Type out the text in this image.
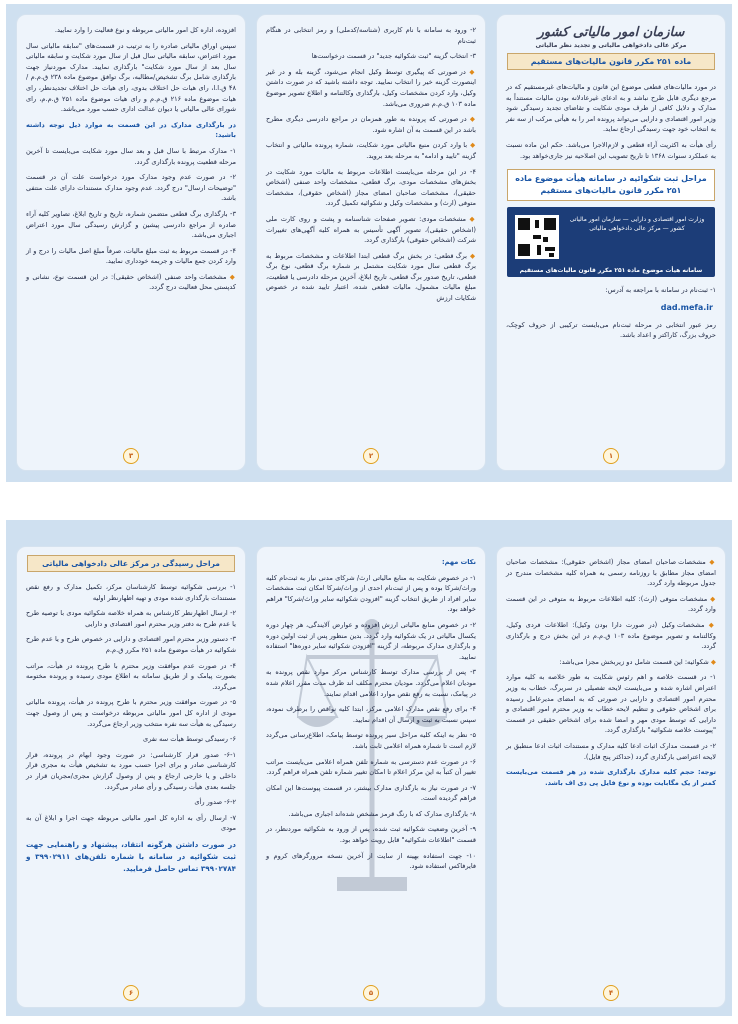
سازمان امور مالیاتی کشور
مرکز عالی دادخواهی مالیاتی و تجدید نظر مالیاتی
ماده ۲۵۱ مکرر قانون مالیات‌های مستقیم

در مورد مالیات‌های قطعی موضوع این قانون و مالیات‌های غیرمستقیم که در مرجع دیگری قابل طرح نباشد و به ادعای غیرعادلانه بودن مالیات مستنداً به مدارک و دلایل کافی از طرف مودی شکایت و تقاضای تجدید رسیدگی شود وزیر امور اقتصادی و دارایی می‌تواند پرونده امر را به هیأتی مرکب از سه نفر به انتخاب خود جهت رسیدگی ارجاع نماید.

رأی هیأت به اکثریت آراء قطعی و لازم‌الاجرا می‌باشد. حکم این ماده نسبت به عملکرد سنوات ۱۳۶۸ تا تاریخ تصویب این اصلاحیه نیز جاری‌خواهد بود.

مراحل ثبت شکوائیه در سامانه هیأت موضوع ماده ۲۵۱ مکرر قانون مالیات‌های مستقیم
وزارت امور اقتصادی و دارایی — سازمان امور مالیاتی کشور — مرکز عالی دادخواهی مالیاتی
سامانه هیأت موضوع ماده ۲۵۱ مکرر قانون مالیات‌های مستقیم

۱- ثبت‌نام در سامانه با مراجعه به آدرس:

dad.mefa.ir

رمز عبور انتخابی در مرحله ثبت‌نام می‌بایست ترکیبی از حروف کوچک، حروف بزرگ، کاراکتر و اعداد باشد.

۱

۲- ورود به سامانه با نام کاربری (شناسه/کدملی) و رمز انتخابی در هنگام ثبت‌نام

۳- انتخاب گزینه "ثبت شکوائیه جدید" در قسمت درخواست‌ها

◆ در صورتی که پیگیری توسط وکیل انجام می‌شود، گزینه بله و در غیر اینصورت گزینه خیر را انتخاب نمایید. توجه داشته باشید که در صورت داشتن وکیل، وارد کردن مشخصات وکیل، بارگذاری وکالتنامه و اطلاع تصویر موضوع ماده ۱۰۳ ق.م.م ضروری می‌باشد.

◆ در صورتی که پرونده به طور همزمان در مراجع دادرسی دیگری مطرح باشد در این قسمت به آن اشاره شود.

◆ با وارد کردن منبع مالیاتی مورد شکایت، شماره پرونده مالیاتی و انتخاب گزینه "تایید و ادامه" به مرحله بعد بروید.

۴- در این مرحله می‌بایست اطلاعات مربوط به مالیات مورد شکایت در بخش‌های مشخصات مودی، برگ قطعی، مشخصات واحد صنفی (اشخاص حقیقی)، مشخصات صاحبان امضای مجاز (اشخاص حقوقی)، مشخصات متوفی (ارث) و مشخصات وکیل و شکوائیه تکمیل گردد.

◆ مشخصات مودی: تصویر صفحات شناسنامه و پشت و روی کارت ملی (اشخاص حقیقی)، تصویر آگهی تأسیس به همراه کلیه آگهی‌های تغییرات شرکت (اشخاص حقوقی) بارگذاری گردد.

◆ برگ قطعی: در بخش برگ قطعی ابتدا اطلاعات و مشخصات مربوط به برگ قطعی سال مورد شکایت مشتمل بر شماره برگ قطعی، نوع برگ قطعی، تاریخ صدور برگ قطعی، تاریخ ابلاغ، آخرین مرحله دادرسی یا قطعیت، مبلغ مالیات مشمول، مالیات قطعی شده، اعتبار تایید شده در خصوص شکایات ارزش

۲

افزوده، اداره کل امور مالیاتی مربوطه و نوع فعالیت را وارد نمایید.

سپس اوراق مالیاتی صادره را به ترتیب در قسمت‌های "سابقه مالیاتی سال مورد اعتراض، سابقه مالیاتی سال قبل از سال مورد شکایت و سابقه مالیاتی سال بعد از سال مورد شکایت" بارگذاری نمایید. مدارک موردنیاز جهت بارگذاری شامل برگ تشخیص/مطالبه، برگ توافق موضوع ماده ۲۳۸ ق.م.م / ۴۸ ق.ا.ا، رای هیات حل اختلاف بدوی، رای هیات حل اختلاف تجدیدنظر، رای هیات موضوع ماده ۲۱۶ ق.م.م و رای هیات موضوع ماده ۲۵۱ ق.م.م، رای شورای عالی مالیاتی یا دیوان عدالت اداری حسب مورد می‌باشد.

در بارگذاری مدارک در این قسمت به موارد ذیل توجه داشته باشید:

۱- مدارک مرتبط با سال قبل و بعد سال مورد شکایت می‌بایست تا آخرین مرحله قطعیت پرونده بارگذاری گردد.

۲- در صورت عدم وجود مدارک مورد درخواست علت آن در قسمت "توضیحات ارسال" درج گردد. عدم وجود مدارک مستندات دارای علت منتفی باشد.

۳- بارگذاری برگ قطعی متضمن شماره، تاریخ و تاریخ ابلاغ، تصاویر کلیه آراء صادره از مراجع دادرسی پیشین و گزارش رسیدگی سال مورد اعتراض اجباری می‌باشد.

۴- در قسمت مربوط به ثبت مبلغ مالیات، صرفاً مبلغ اصل مالیات را درج و از وارد کردن جمع مالیات و جریمه خودداری نمایید.

◆ مشخصات واحد صنفی (اشخاص حقیقی): در این قسمت نوع، نشانی و کدپستی محل فعالیت درج گردد.

۳

◆ مشخصات صاحبان امضای مجاز (اشخاص حقوقی): مشخصات صاحبان امضای مجاز مطابق با روزنامه رسمی به همراه کلیه مشخصات مندرج در جدول مربوطه وارد گردد.

◆ مشخصات متوفی (ارث): کلیه اطلاعات مربوط به متوفی در این قسمت وارد گردد.

◆ مشخصات وکیل (در صورت دارا بودن وکیل): اطلاعات فردی وکیل، وکالتنامه و تصویر موضوع ماده ۱۰۳ ق.م.م در این بخش درج و بارگذاری گردد.

◆ شکوائیه: این قسمت شامل دو زیربخش مجزا می‌باشد:

۱- در قسمت خلاصه و اهم رئوس شکایت به طور خلاصه به کلیه موارد اعتراض اشاره شده و می‌بایست لایحه تفصیلی در سربرگ، خطاب به وزیر محترم امور اقتصادی و دارایی در صورتی که به امضای مدیرعامل رسیده برای اشخاص حقوقی و تنظیم لایحه خطاب به وزیر محترم امور اقتصادی و دارایی که توسط مودی مهر و امضا شده برای اشخاص حقیقی در قسمت "پیوست خلاصه شکوائیه" بارگذاری گردد.

۲- در قسمت مدارک اثبات ادعا کلیه مدارک و مستندات اثبات ادعا منطبق بر لایحه اعتراضی بارگذاری گردد (حداکثر پنج فایل).

توجه: حجم کلیه مدارک بارگذاری شده در هر قسمت می‌بایست کمتر از یک مگابایت بوده و نوع فایل پی دی اف باشد.

۴

نکات مهم:

۱- در خصوص شکایت به منابع مالیاتی ارث/ شرکای مدنی نیاز به ثبت‌نام کلیه وراث/شرکا بوده و پس از ثبت‌نام احدی از وراث/شرکا امکان ثبت مشخصات سایر افراد از طریق انتخاب گزینه "افزودن شکوائیه سایر وراث/شرکا" فراهم خواهد بود.

۲- در خصوص منابع مالیاتی ارزش افزوده و عوارض آلایندگی، هر چهار دوره یکسال مالیاتی در یک شکوائیه وارد گردد. بدین منظور پس از ثبت اولین دوره و بارگذاری مدارک مربوطه، از گزینه "افزودن شکوائیه سایر دوره‌ها" استفاده نمایید.

۳- پس از بررسی مدارک توسط کارشناس مرکز موارد نقص پرونده به مودیان اعلام می‌گردد. مودیان محترم مکلف اند ظرف مدت مقرر اعلام شده در پیامک، نسبت به رفع نقص موارد اعلامی اقدام نمایند.

۴- برای رفع نقص مدارک اعلامی مرکز، ابتدا کلیه نواقص را برطرف نموده، سپس نسبت به ثبت و ارسال آن اقدام نمایید.

۵- نظر به اینکه کلیه مراحل سیر پرونده توسط پیامک، اطلاع‌رسانی می‌گردد لازم است تا شماره همراه اعلامی ثابت باشد.

۶- در صورت عدم دسترسی به شماره تلفن همراه اعلامی می‌بایست مراتب تغییر آن کتباً به این مرکز اعلام تا امکان تغییر شماره تلفن همراه فراهم گردد.

۷- در صورت نیاز به بارگذاری مدارک بیشتر، در قسمت پیوست‌ها این امکان فراهم گردیده است.

۸- بارگذاری مدارک که با رنگ قرمز مشخص شده‌اند اجباری می‌باشد.

۹- آخرین وضعیت شکوائیه ثبت شده، پس از ورود به شکوائیه موردنظر، در قسمت "اطلاعات شکوائیه" قابل رویت خواهد بود.

۱۰- جهت استفاده بهینه از سایت از آخرین نسخه مرورگرهای کروم و فایرفاکس استفاده شود.

۵
مراحل رسیدگی در مرکز عالی دادخواهی مالیاتی

۱- بررسی شکوائیه توسط کارشناسان مرکز، تکمیل مدارک و رفع نقص مستندات بارگذاری شده مودی و تهیه اظهارنظر اولیه

۲- ارسال اظهارنظر کارشناس به همراه خلاصه شکوائیه مودی با توصیه طرح یا عدم طرح به دفتر وزیر محترم امور اقتصادی و دارایی

۳- دستور وزیر محترم امور اقتصادی و دارایی در خصوص طرح و یا عدم طرح شکوائیه در هیأت موضوع ماده ۲۵۱ مکرر ق.م.م

۴- در صورت عدم موافقت وزیر محترم با طرح پرونده در هیأت، مراتب بصورت پیامک و از طریق سامانه به اطلاع مودی رسیده و پرونده مختومه می‌گردد.

۵- در صورت موافقت وزیر محترم با طرح پرونده در هیأت، پرونده مالیاتی مودی از اداره کل امور مالیاتی مربوطه درخواست و پس از وصول جهت رسیدگی به هیأت سه نفره منتخب وزیر ارجاع می‌گردد.

۶- رسیدگی توسط هیأت سه نفری

۶-۱- صدور قرار کارشناسی: در صورت وجود ابهام در پرونده، قرار کارشناسی صادر و برای اجرا حسب مورد به تشخیص هیأت به مجری قرار داخلی و یا خارجی ارجاع و پس از وصول گزارش مجری/مجریان قرار در جلسه بعدی هیأت رسیدگی و رأی صادر می‌گردد.

۶-۲- صدور رأی

۷- ارسال رأی به اداره کل امور مالیاتی مربوطه جهت اجرا و ابلاغ آن به مودی

در صورت داشتن هرگونه انتقاد، پیشنهاد و راهنمایی جهت ثبت شکوائیه در سامانه با شماره تلفن‌های ۳۹۹۰۲۹۱۱ و ۳۹۹۰۲۷۸۴ تماس حاصل فرمایید.

۶
